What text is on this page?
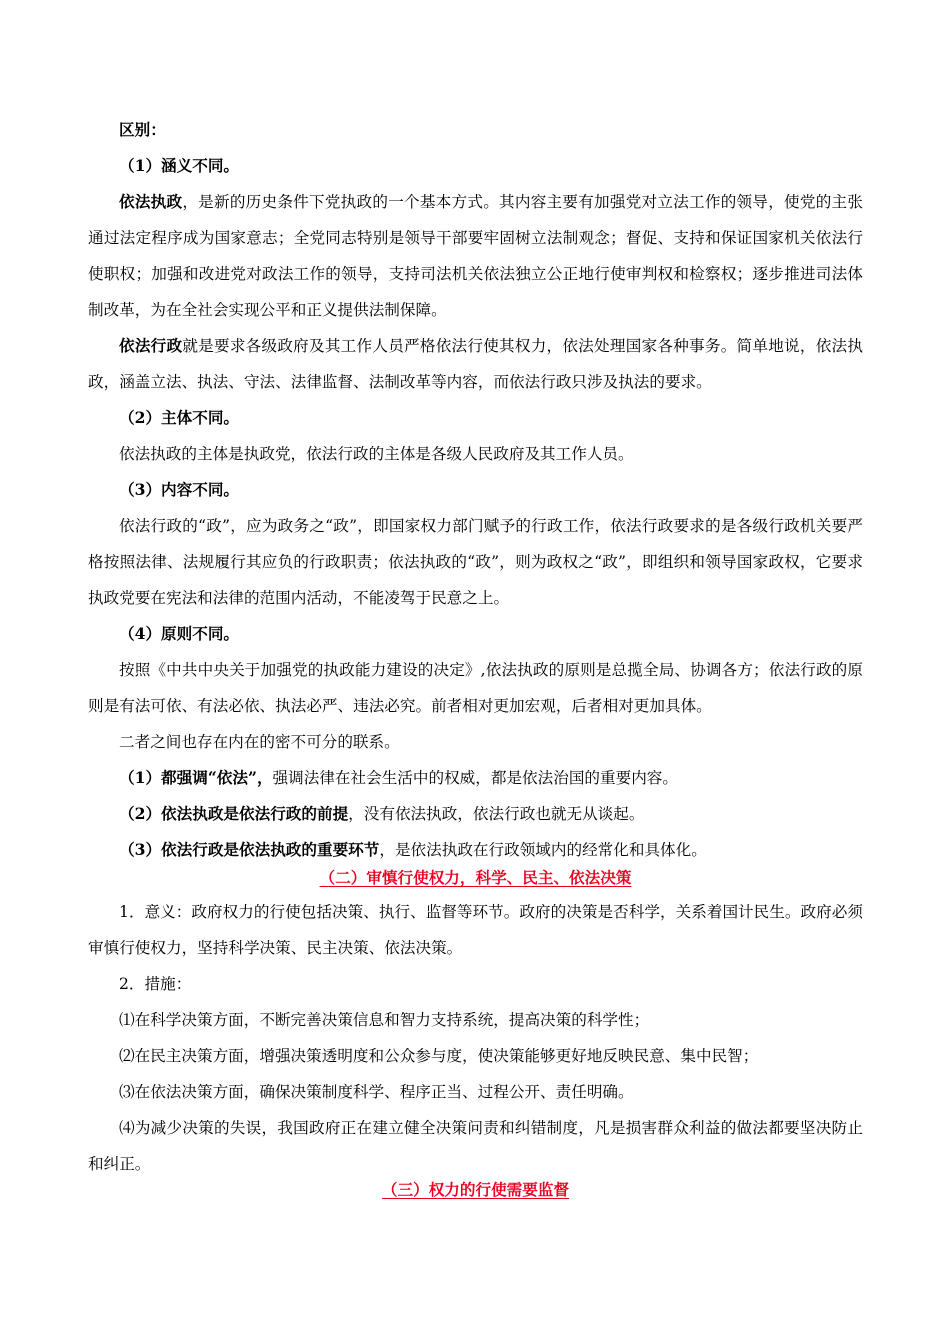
区别：

（1）涵义不同。

依法执政，是新的历史条件下党执政的一个基本方式。其内容主要有加强党对立法工作的领导，使党的主张通过法定程序成为国家意志；全党同志特别是领导干部要牢固树立法制观念；督促、支持和保证国家机关依法行使职权；加强和改进党对政法工作的领导，支持司法机关依法独立公正地行使审判权和检察权；逐步推进司法体制改革，为在全社会实现公平和正义提供法制保障。

依法行政就是要求各级政府及其工作人员严格依法行使其权力，依法处理国家各种事务。简单地说，依法执政，涵盖立法、执法、守法、法律监督、法制改革等内容，而依法行政只涉及执法的要求。

（2）主体不同。

依法执政的主体是执政党，依法行政的主体是各级人民政府及其工作人员。

（3）内容不同。

依法行政的“政”，应为政务之“政”，即国家权力部门赋予的行政工作，依法行政要求的是各级行政机关要严格按照法律、法规履行其应负的行政职责；依法执政的“政”，则为政权之“政”，即组织和领导国家政权，它要求执政党要在宪法和法律的范围内活动，不能凌驾于民意之上。

（4）原则不同。

按照《中共中央关于加强党的执政能力建设的决定》,依法执政的原则是总揽全局、协调各方；依法行政的原则是有法可依、有法必依、执法必严、违法必究。前者相对更加宏观，后者相对更加具体。

二者之间也存在内在的密不可分的联系。

（1）都强调“依法”，强调法律在社会生活中的权威，都是依法治国的重要内容。

（2）依法执政是依法行政的前提，没有依法执政，依法行政也就无从谈起。

（3）依法行政是依法执政的重要环节，是依法执政在行政领域内的经常化和具体化。

（二）审慎行使权力，科学、民主、依法决策

1．意义：政府权力的行使包括决策、执行、监督等环节。政府的决策是否科学，关系着国计民生。政府必须审慎行使权力，坚持科学决策、民主决策、依法决策。

2．措施：

⑴在科学决策方面，不断完善决策信息和智力支持系统，提高决策的科学性；

⑵在民主决策方面，增强决策透明度和公众参与度，使决策能够更好地反映民意、集中民智；

⑶在依法决策方面，确保决策制度科学、程序正当、过程公开、责任明确。

⑷为减少决策的失误，我国政府正在建立健全决策问责和纠错制度，凡是损害群众利益的做法都要坚决防止和纠正。

（三）权力的行使需要监督
